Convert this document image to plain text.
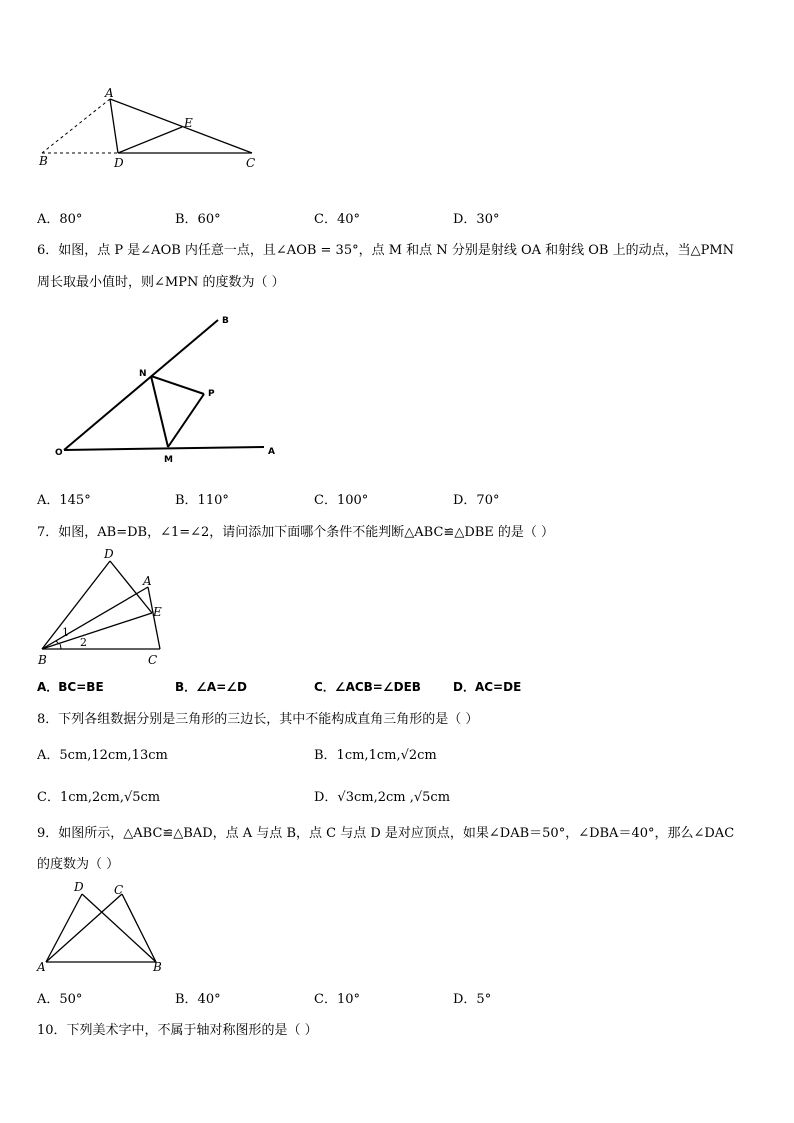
A
B	D
E
C
A．80°	B．60°	C．40°	D．30°
6．如图，点 P 是∠AOB 内任意一点，且∠AOB = 35°，点 M 和点 N 分别是射线 OA 和射线 OB 上的动点，当△PMN
周长取最小值时，则∠MPN 的度数为（ ）
B
N
P
O
M
A
A．145°	B．110°	C．100°	D．70°
7．如图，AB=DB，∠1=∠2，请问添加下面哪个条件不能判断△ABC≌△DBE 的是（ ）
D
A
E
1
2
B	C
A．BC=BE	B．∠A=∠D	C．∠ACB=∠DEB	D．AC=DE
8．下列各组数据分别是三角形的三边长，其中不能构成直角三角形的是（ ）
A．5cm,12cm,13cm	B．1cm,1cm,√2cm
C．1cm,2cm,√5cm	D．√3cm,2cm ,√5cm
9．如图所示，△ABC≌△BAD，点 A 与点 B，点 C 与点 D 是对应顶点，如果∠DAB＝50°，∠DBA＝40°，那么∠DAC
的度数为（ ）
D	C
A	B
A．50°	B．40°	C．10°	D．5°
10．下列美术字中，不属于轴对称图形的是（ ）
